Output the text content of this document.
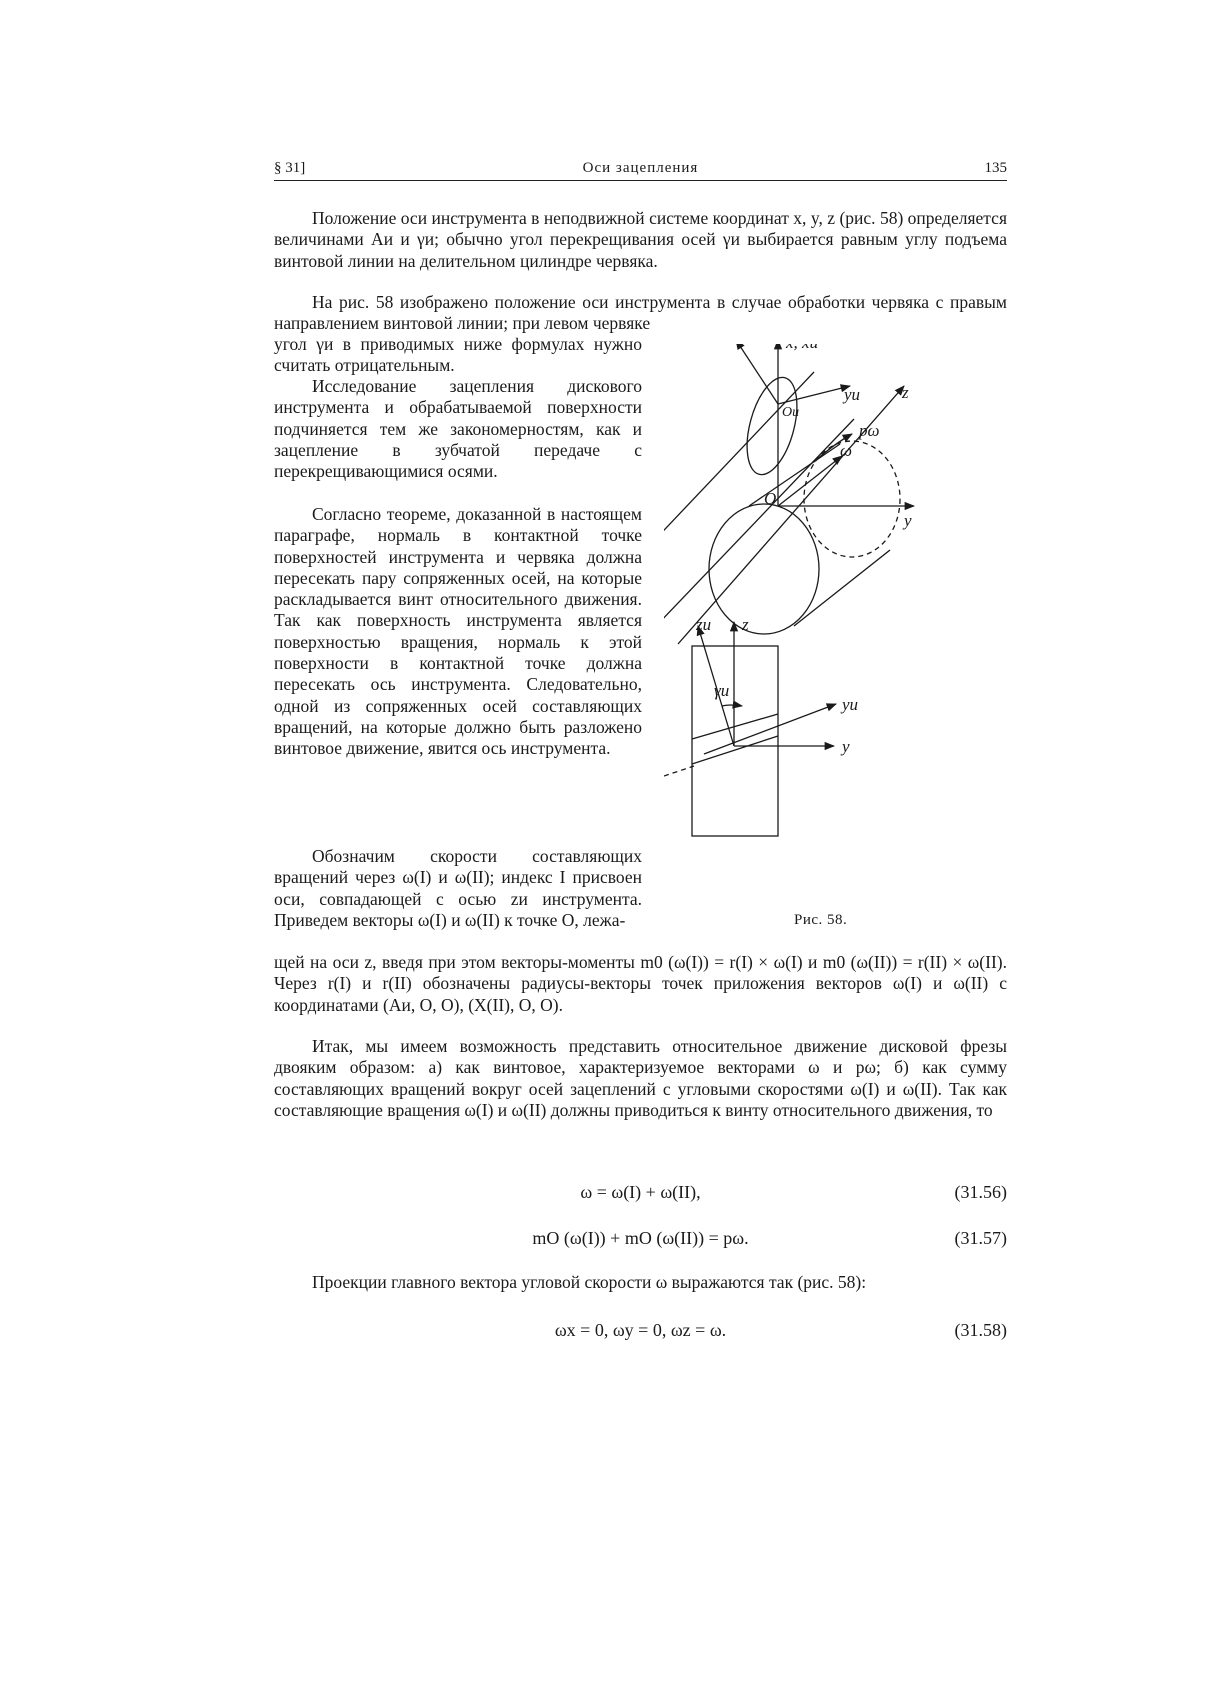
§ 31]	Оси зацепления	135
Положение оси инструмента в неподвижной системе координат x, y, z (рис. 58) определяется величинами Aи и γи; обычно угол перекрещивания осей γи выбирается равным углу подъема винтовой линии на делительном цилиндре червяка.
На рис. 58 изображено положение оси инструмента в случае обработки червяка с правым направлением винтовой линии; при левом червяке
угол γи в приводимых ниже формулах нужно считать отрицательным.
Исследование зацепления дискового инструмента и обрабатываемой поверхности подчиняется тем же закономерностям, как и зацепление в зубчатой передаче с перекрещивающимися осями.
Согласно теореме, доказанной в настоящем параграфе, нормаль в контактной точке поверхностей инструмента и червяка должна пересекать пару сопряженных осей, на которые раскладывается винт относительного движения. Так как поверхность инструмента является поверхностью вращения, нормаль к этой поверхности в контактной точке должна пересекать ось инструмента. Следовательно, одной из сопряженных осей составляющих вращений, на которые должно быть разложено винтовое движение, явится ось инструмента.
Обозначим скорости составляющих вращений через ω(I) и ω(II); индекс I присвоен оси, совпадающей с осью zи инструмента. Приведем векторы ω(I) и ω(II) к точке O, лежа-
щей на оси z, введя при этом векторы-моменты m0 (ω(I)) = r(I) × ω(I) и m0 (ω(II)) = r(II) × ω(II). Через r(I) и r(II) обозначены радиусы-векторы точек приложения векторов ω(I) и ω(II) с координатами (Aи, O, O), (X(II), O, O).
Итак, мы имеем возможность представить относительное движение дисковой фрезы двояким образом: а) как винтовое, характеризуемое векторами ω и pω; б) как сумму составляющих вращений вокруг осей зацеплений с угловыми скоростями ω(I) и ω(II). Так как составляющие вращения ω(I) и ω(II) должны приводиться к винту относительного движения, то
ω = ω(I) + ω(II),	(31.56)
mO (ω(I)) + mO (ω(II)) = pω.	(31.57)
Проекции главного вектора угловой скорости ω выражаются так (рис. 58):
ωx = 0, ωy = 0, ωz = ω.	(31.58)
yи z
Oи
pω
ω
O
y
zи z
γи
yи
y
Рис. 58.
